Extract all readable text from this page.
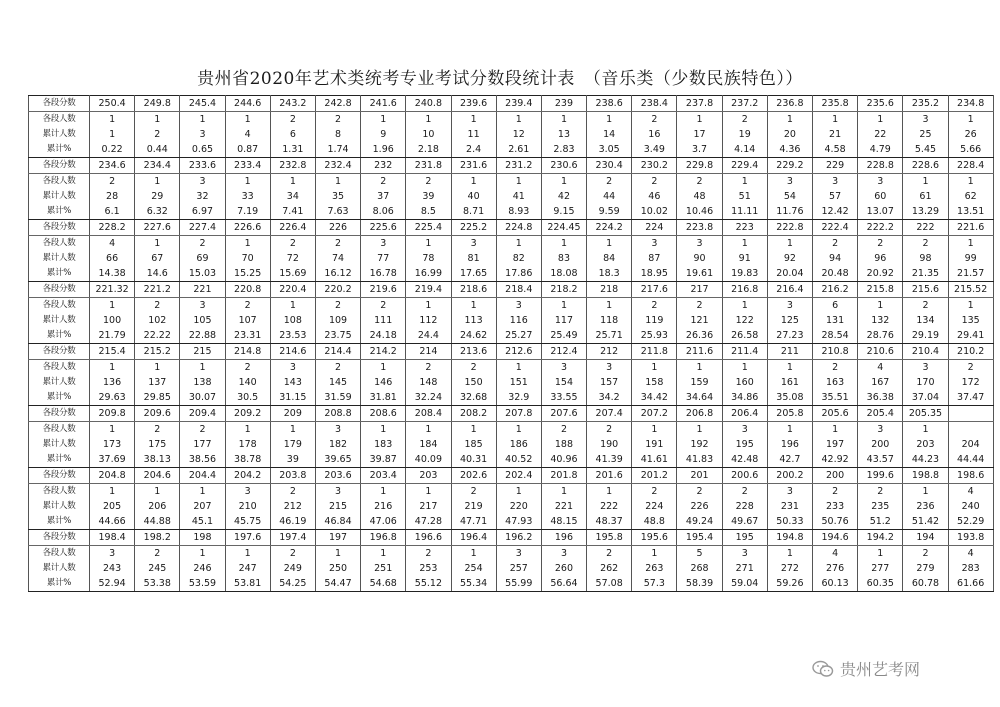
贵州省2020年艺术类统考专业考试分数段统计表　（音乐类（少数民族特色））
各段分数	250.4	249.8	245.4	244.6	243.2	242.8	241.6	240.8	239.6	239.4	239	238.6	238.4	237.8	237.2	236.8	235.8	235.6	235.2	234.8
各段人数	1	1	1	1	2	2	1	1	1	1	1	1	2	1	2	1	1	1	3	1
累计人数	1	2	3	4	6	8	9	10	11	12	13	14	16	17	19	20	21	22	25	26
累计%	0.22	0.44	0.65	0.87	1.31	1.74	1.96	2.18	2.4	2.61	2.83	3.05	3.49	3.7	4.14	4.36	4.58	4.79	5.45	5.66
各段分数	234.6	234.4	233.6	233.4	232.8	232.4	232	231.8	231.6	231.2	230.6	230.4	230.2	229.8	229.4	229.2	229	228.8	228.6	228.4
各段人数	2	1	3	1	1	1	2	2	1	1	1	2	2	2	1	3	3	3	1	1
累计人数	28	29	32	33	34	35	37	39	40	41	42	44	46	48	51	54	57	60	61	62
累计%	6.1	6.32	6.97	7.19	7.41	7.63	8.06	8.5	8.71	8.93	9.15	9.59	10.02	10.46	11.11	11.76	12.42	13.07	13.29	13.51
各段分数	228.2	227.6	227.4	226.6	226.4	226	225.6	225.4	225.2	224.8	224.45	224.2	224	223.8	223	222.8	222.4	222.2	222	221.6
各段人数	4	1	2	1	2	2	3	1	3	1	1	1	3	3	1	1	2	2	2	1
累计人数	66	67	69	70	72	74	77	78	81	82	83	84	87	90	91	92	94	96	98	99
累计%	14.38	14.6	15.03	15.25	15.69	16.12	16.78	16.99	17.65	17.86	18.08	18.3	18.95	19.61	19.83	20.04	20.48	20.92	21.35	21.57
各段分数	221.32	221.2	221	220.8	220.4	220.2	219.6	219.4	218.6	218.4	218.2	218	217.6	217	216.8	216.4	216.2	215.8	215.6	215.52
各段人数	1	2	3	2	1	2	2	1	1	3	1	1	2	2	1	3	6	1	2	1
累计人数	100	102	105	107	108	109	111	112	113	116	117	118	119	121	122	125	131	132	134	135
累计%	21.79	22.22	22.88	23.31	23.53	23.75	24.18	24.4	24.62	25.27	25.49	25.71	25.93	26.36	26.58	27.23	28.54	28.76	29.19	29.41
各段分数	215.4	215.2	215	214.8	214.6	214.4	214.2	214	213.6	212.6	212.4	212	211.8	211.6	211.4	211	210.8	210.6	210.4	210.2
各段人数	1	1	1	2	3	2	1	2	2	1	3	3	1	1	1	1	2	4	3	2
累计人数	136	137	138	140	143	145	146	148	150	151	154	157	158	159	160	161	163	167	170	172
累计%	29.63	29.85	30.07	30.5	31.15	31.59	31.81	32.24	32.68	32.9	33.55	34.2	34.42	34.64	34.86	35.08	35.51	36.38	37.04	37.47
各段分数	209.8	209.6	209.4	209.2	209	208.8	208.6	208.4	208.2	207.8	207.6	207.4	207.2	206.8	206.4	205.8	205.6	205.4	205.35	
各段人数	1	2	2	1	1	3	1	1	1	1	2	2	1	1	3	1	1	3	1	
累计人数	173	175	177	178	179	182	183	184	185	186	188	190	191	192	195	196	197	200	203	204
累计%	37.69	38.13	38.56	38.78	39	39.65	39.87	40.09	40.31	40.52	40.96	41.39	41.61	41.83	42.48	42.7	42.92	43.57	44.23	44.44
各段分数	204.8	204.6	204.4	204.2	203.8	203.6	203.4	203	202.6	202.4	201.8	201.6	201.2	201	200.6	200.2	200	199.6	198.8	198.6
各段人数	1	1	1	3	2	3	1	1	2	1	1	1	2	2	2	3	2	2	1	4
累计人数	205	206	207	210	212	215	216	217	219	220	221	222	224	226	228	231	233	235	236	240
累计%	44.66	44.88	45.1	45.75	46.19	46.84	47.06	47.28	47.71	47.93	48.15	48.37	48.8	49.24	49.67	50.33	50.76	51.2	51.42	52.29
各段分数	198.4	198.2	198	197.6	197.4	197	196.8	196.6	196.4	196.2	196	195.8	195.6	195.4	195	194.8	194.6	194.2	194	193.8
各段人数	3	2	1	1	2	1	1	2	1	3	3	2	1	5	3	1	4	1	2	4
累计人数	243	245	246	247	249	250	251	253	254	257	260	262	263	268	271	272	276	277	279	283
累计%	52.94	53.38	53.59	53.81	54.25	54.47	54.68	55.12	55.34	55.99	56.64	57.08	57.3	58.39	59.04	59.26	60.13	60.35	60.78	61.66
贵州艺考网
